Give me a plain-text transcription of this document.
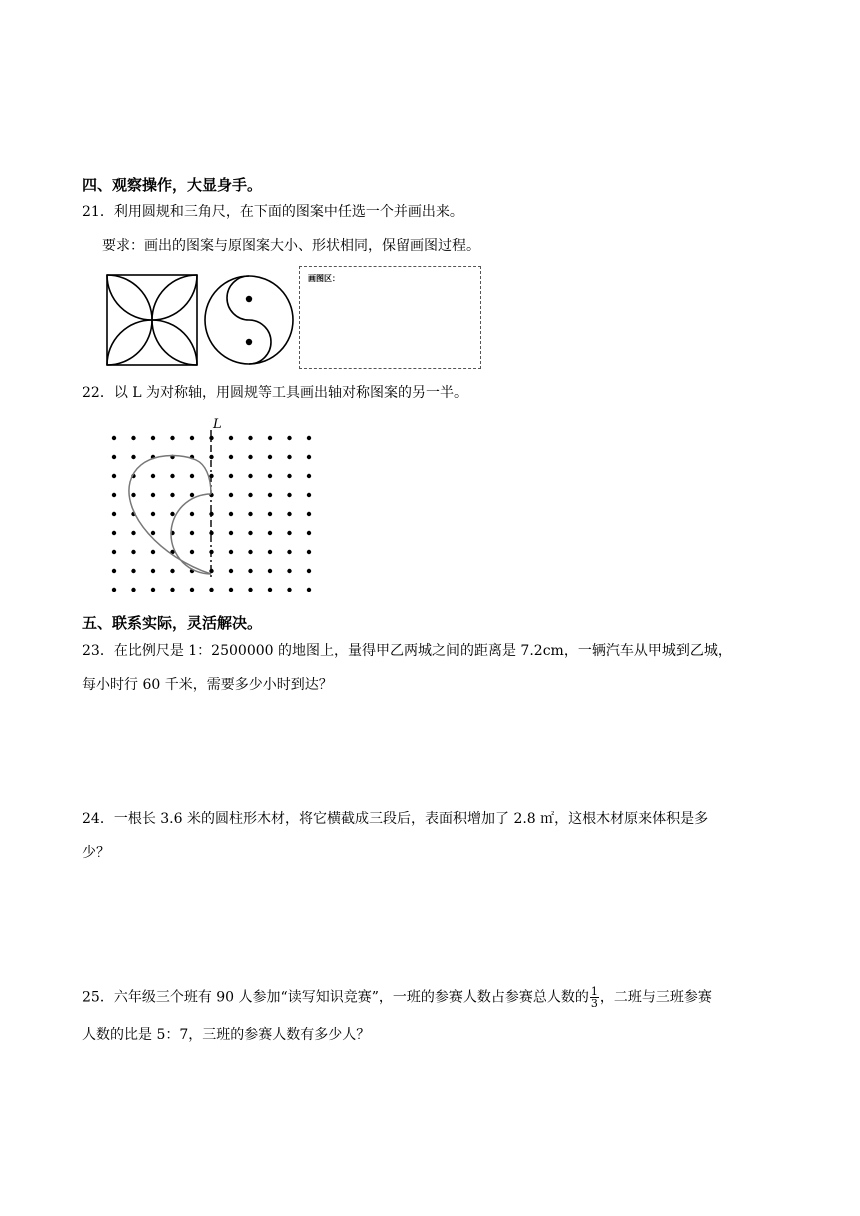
四、观察操作，大显身手。
21．利用圆规和三角尺，在下面的图案中任选一个并画出来。
要求：画出的图案与原图案大小、形状相同，保留画图过程。
画图区：
22．以 L 为对称轴，用圆规等工具画出轴对称图案的另一半。
L
五、联系实际，灵活解决。
23．在比例尺是 1：2500000 的地图上，量得甲乙两城之间的距离是 7.2cm，一辆汽车从甲城到乙城，
每小时行 60 千米，需要多少小时到达？
24．一根长 3.6 米的圆柱形木材，将它横截成三段后，表面积增加了 2.8 ㎡，这根木材原来体积是多
少？
25．六年级三个班有 90 人参加“读写知识竞赛”，一班的参赛人数占参赛总人数的 $\frac{1}{3}$ ，二班与三班参赛
人数的比是 5：7，三班的参赛人数有多少人？
